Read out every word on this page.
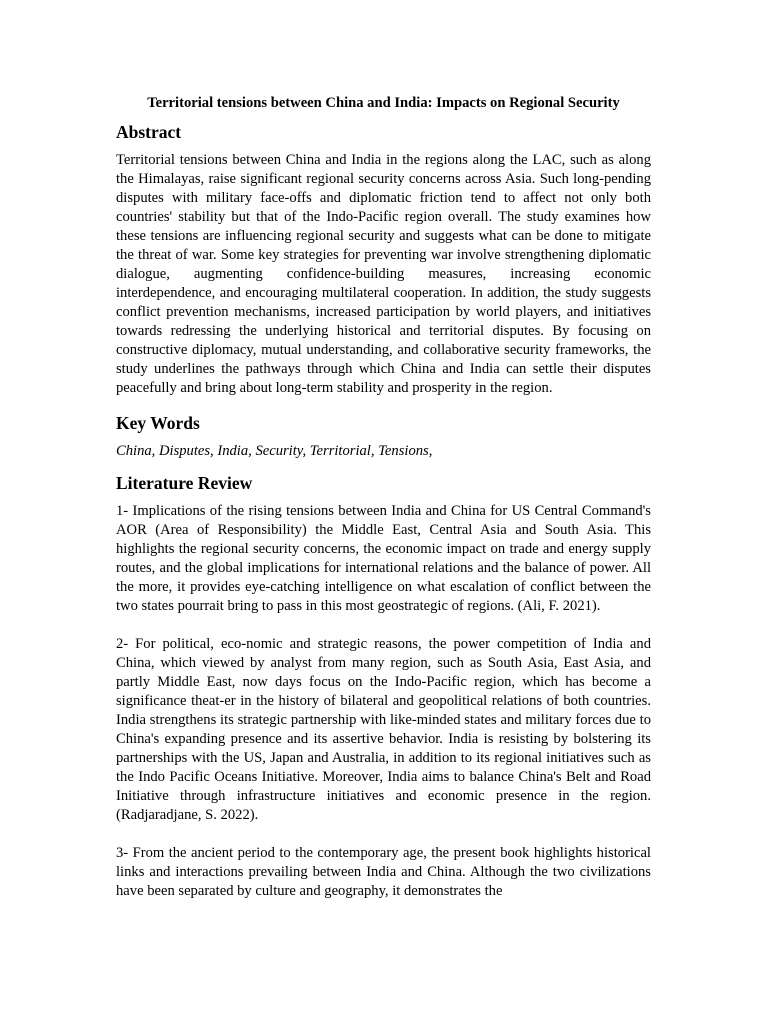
Territorial tensions between China and India: Impacts on Regional Security
Abstract

Territorial tensions between China and India in the regions along the LAC, such as along the Himalayas, raise significant regional security concerns across Asia. Such long-pending disputes with military face-offs and diplomatic friction tend to affect not only both countries' stability but that of the Indo-Pacific region overall. The study examines how these tensions are influencing regional security and suggests what can be done to mitigate the threat of war. Some key strategies for preventing war involve strengthening diplomatic dialogue, augmenting confidence-building measures, increasing economic interdependence, and encouraging multilateral cooperation. In addition, the study suggests conflict prevention mechanisms, increased participation by world players, and initiatives towards redressing the underlying historical and territorial disputes. By focusing on constructive diplomacy, mutual understanding, and collaborative security frameworks, the study underlines the pathways through which China and India can settle their disputes peacefully and bring about long-term stability and prosperity in the region.

Key Words

China, Disputes, India, Security, Territorial, Tensions,

Literature Review

1- Implications of the rising tensions between India and China for US Central Command's AOR (Area of Responsibility) the Middle East, Central Asia and South Asia. This highlights the regional security concerns, the economic impact on trade and energy supply routes, and the global implications for international relations and the balance of power. All the more, it provides eye-catching intelligence on what escalation of conflict between the two states pourrait bring to pass in this most geostrategic of regions. (Ali, F. 2021).

2- For political, eco-nomic and strategic reasons, the power competition of India and China, which viewed by analyst from many region, such as South Asia, East Asia, and partly Middle East, now days focus on the Indo-Pacific region, which has become a significance theat-er in the history of bilateral and geopolitical relations of both countries. India strengthens its strategic partnership with like-minded states and military forces due to China's expanding presence and its assertive behavior. India is resisting by bolstering its partnerships with the US, Japan and Australia, in addition to its regional initiatives such as the Indo Pacific Oceans Initiative. Moreover, India aims to balance China's Belt and Road Initiative through infrastructure initiatives and economic presence in the region. (Radjaradjane, S. 2022).

3- From the ancient period to the contemporary age, the present book highlights historical links and interactions prevailing between India and China. Although the two civilizations have been separated by culture and geography, it demonstrates the
